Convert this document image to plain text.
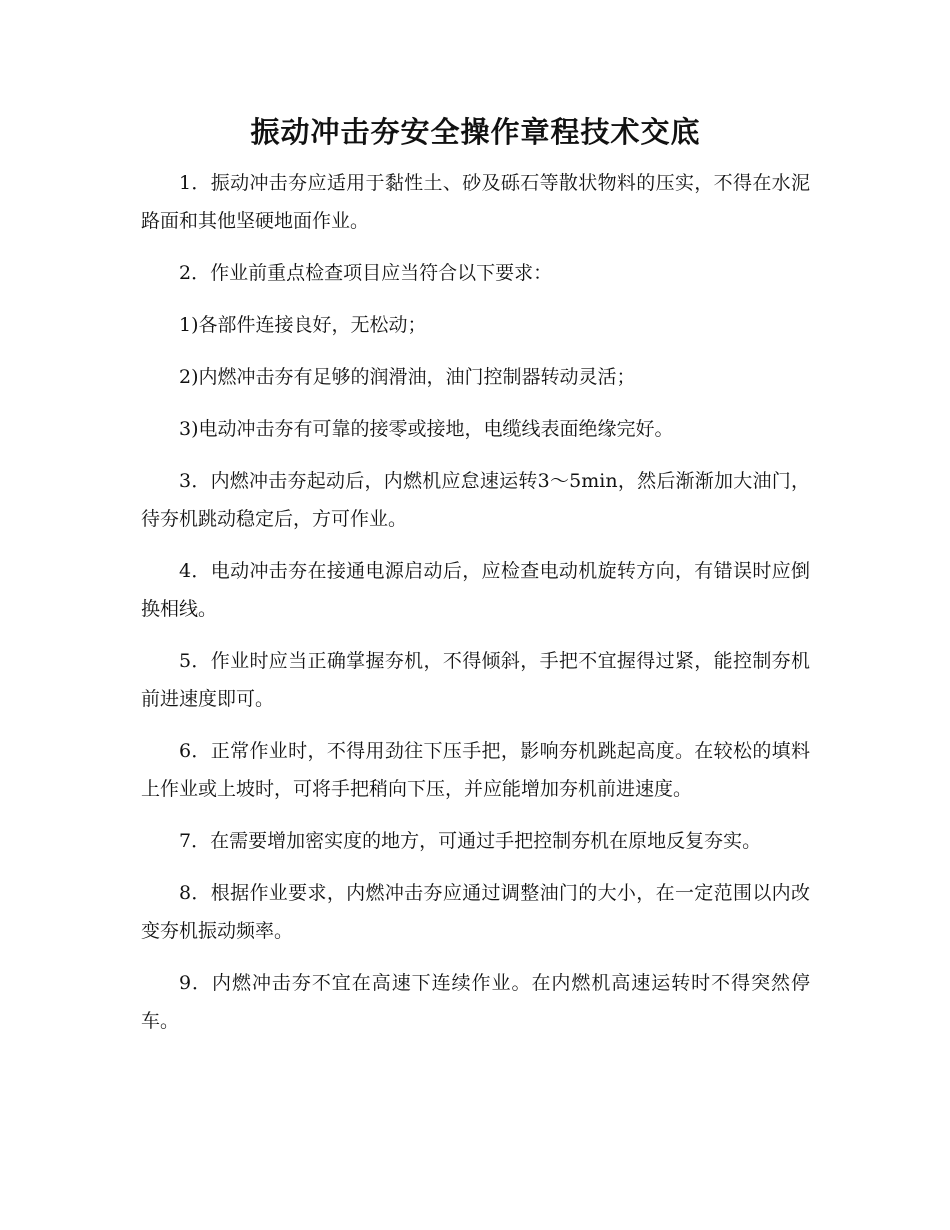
振动冲击夯安全操作章程技术交底

1．振动冲击夯应适用于黏性土、砂及砾石等散状物料的压实，不得在水泥路面和其他坚硬地面作业。

2．作业前重点检查项目应当符合以下要求：

1)各部件连接良好，无松动；

2)内燃冲击夯有足够的润滑油，油门控制器转动灵活；

3)电动冲击夯有可靠的接零或接地，电缆线表面绝缘完好。

3．内燃冲击夯起动后，内燃机应怠速运转3～5min，然后渐渐加大油门，待夯机跳动稳定后，方可作业。

4．电动冲击夯在接通电源启动后，应检查电动机旋转方向，有错误时应倒换相线。

5．作业时应当正确掌握夯机，不得倾斜，手把不宜握得过紧，能控制夯机前进速度即可。

6．正常作业时，不得用劲往下压手把，影响夯机跳起高度。在较松的填料上作业或上坡时，可将手把稍向下压，并应能增加夯机前进速度。

7．在需要增加密实度的地方，可通过手把控制夯机在原地反复夯实。

8．根据作业要求，内燃冲击夯应通过调整油门的大小，在一定范围以内改变夯机振动频率。

9．内燃冲击夯不宜在高速下连续作业。在内燃机高速运转时不得突然停车。
